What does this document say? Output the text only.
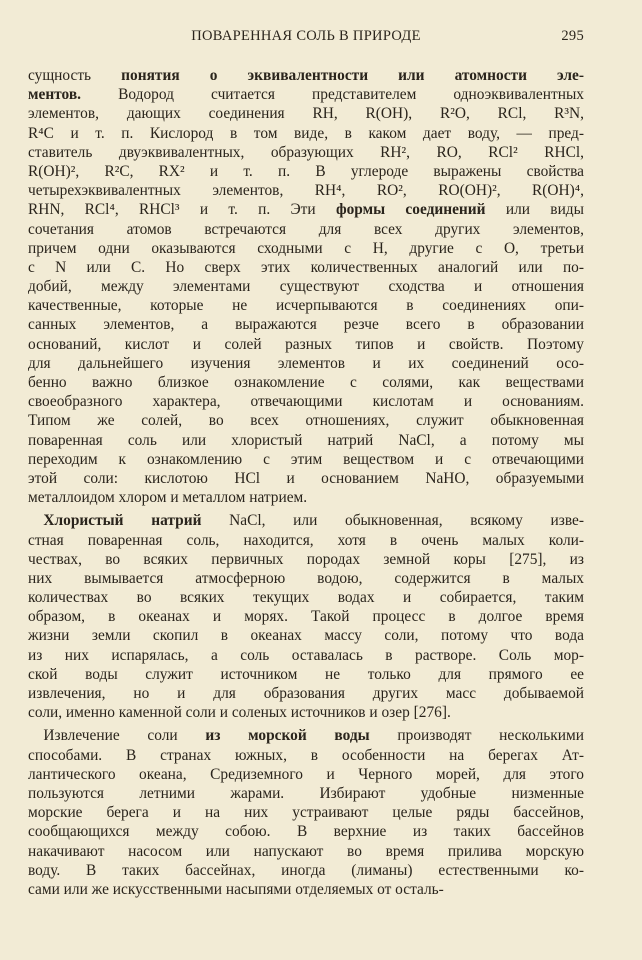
ПОВАРЕННАЯ СОЛЬ В ПРИРОДЕ	295
сущность понятия о эквивалентности или атомности эле-
ментов. Водород считается представителем одноэквивалентных
элементов, дающих соединения RH, R(OH), R²O, RCl, R³N,
R⁴C и т. п. Кислород в том виде, в каком дает воду, — пред-
ставитель двуэквивалентных, образующих RH², RO, RCl² RHCl,
R(OH)², R²C, RX² и т. п. В углероде выражены свойства
четырехэквивалентных элементов, RH⁴, RO², RO(OH)², R(OH)⁴,
RHN, RCl⁴, RHCl³ и т. п. Эти формы соединений или виды
сочетания атомов встречаются для всех других элементов,
причем одни оказываются сходными с H, другие с O, третьи
с N или C. Но сверх этих количественных аналогий или по-
добий, между элементами существуют сходства и отношения
качественные, которые не исчерпываются в соединениях опи-
санных элементов, а выражаются резче всего в образовании
оснований, кислот и солей разных типов и свойств. Поэтому
для дальнейшего изучения элементов и их соединений осо-
бенно важно близкое ознакомление с солями, как веществами
своеобразного характера, отвечающими кислотам и основаниям.
Типом же солей, во всех отношениях, служит обыкновенная
поваренная соль или хлористый натрий NaCl, а потому мы
переходим к ознакомлению с этим веществом и с отвечающими
этой соли: кислотою HCl и основанием NaHO, образуемыми
металлоидом хлором и металлом натрием.
 Хлористый натрий NaCl, или обыкновенная, всякому изве-
стная поваренная соль, находится, хотя в очень малых коли-
чествах, во всяких первичных породах земной коры [275], из
них вымывается атмосферною водою, содержится в малых
количествах во всяких текущих водах и собирается, таким
образом, в океанах и морях. Такой процесс в долгое время
жизни земли скопил в океанах массу соли, потому что вода
из них испарялась, а соль оставалась в растворе. Соль мор-
ской воды служит источником не только для прямого ее
извлечения, но и для образования других масс добываемой
соли, именно каменной соли и соленых источников и озер [276].
 Извлечение соли из морской воды производят несколькими
способами. В странах южных, в особенности на берегах Ат-
лантического океана, Средиземного и Черного морей, для этого
пользуются летними жарами. Избирают удобные низменные
морские берега и на них устраивают целые ряды бассейнов,
сообщающихся между собою. В верхние из таких бассейнов
накачивают насосом или напускают во время прилива морскую
воду. В таких бассейнах, иногда (лиманы) естественными ко-
сами или же искусственными насыпями отделяемых от осталь-
